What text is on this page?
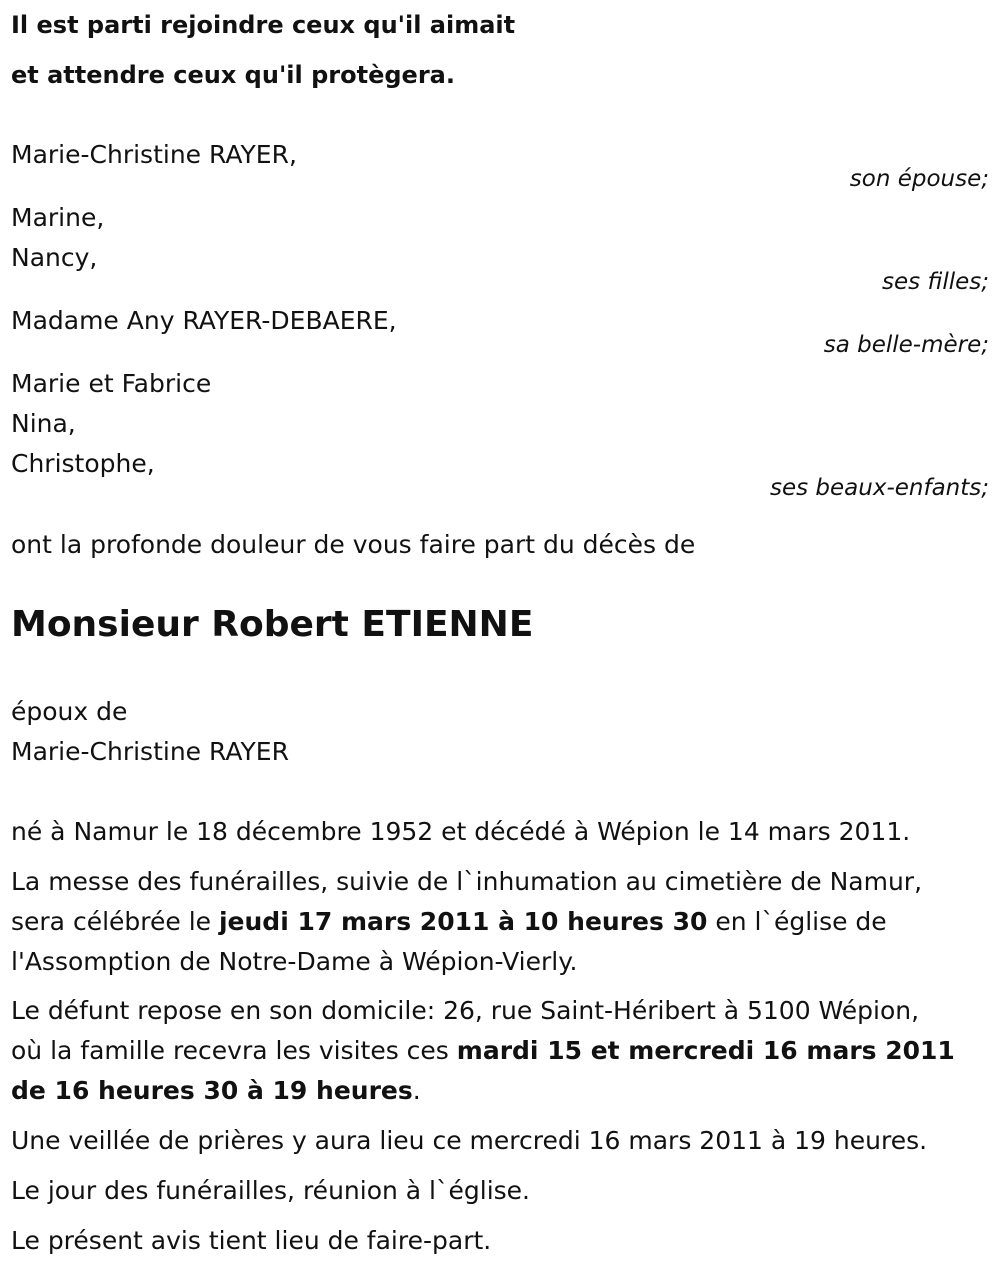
Il est parti rejoindre ceux qu'il aimait
et attendre ceux qu'il protègera.
Marie-Christine RAYER,
son épouse;
Marine,
Nancy,
ses filles;
Madame Any RAYER-DEBAERE,
sa belle-mère;
Marie et Fabrice
Nina,
Christophe,
ses beaux-enfants;
ont la profonde douleur de vous faire part du décès de
Monsieur Robert ETIENNE
époux de
Marie-Christine RAYER
né à Namur le 18 décembre 1952 et décédé à Wépion le 14 mars 2011.
La messe des funérailles, suivie de l`inhumation au cimetière de Namur,
sera célébrée le jeudi 17 mars 2011 à 10 heures 30 en l`église de
l'Assomption de Notre-Dame à Wépion-Vierly.
Le défunt repose en son domicile: 26, rue Saint-Héribert à 5100 Wépion,
où la famille recevra les visites ces mardi 15 et mercredi 16 mars 2011
de 16 heures 30 à 19 heures.
Une veillée de prières y aura lieu ce mercredi 16 mars 2011 à 19 heures.
Le jour des funérailles, réunion à l`église.
Le présent avis tient lieu de faire-part.
